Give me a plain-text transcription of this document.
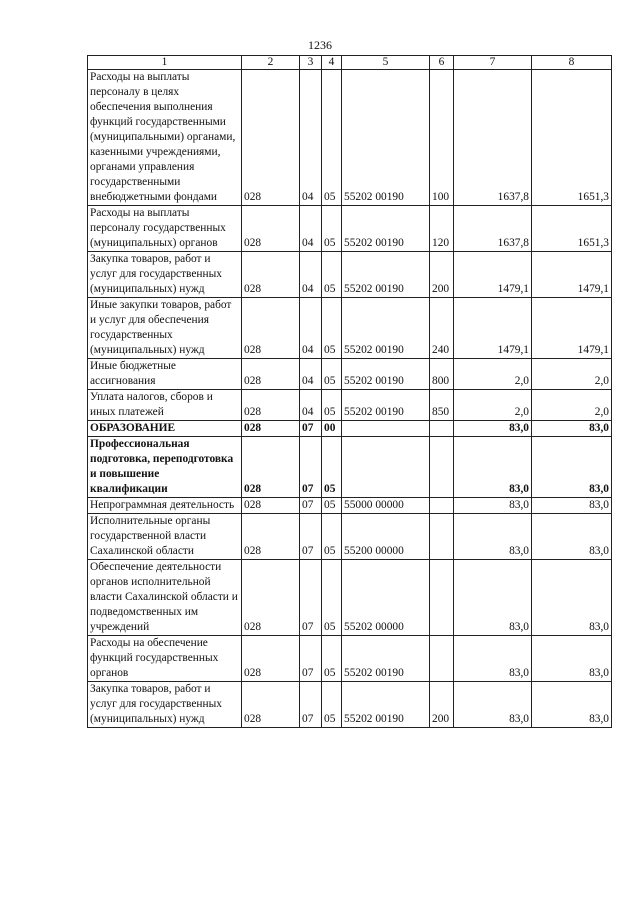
1236
1	2	3	4	5	6	7	8
Расходы на выплаты персоналу в целях обеспечения выполнения функций государственными (муниципальными) органами, казенными учреждениями, органами управления государственными внебюджетными фондами	028	04	05	55202 00190	100	1637,8	1651,3
Расходы на выплаты персоналу государственных (муниципальных) органов	028	04	05	55202 00190	120	1637,8	1651,3
Закупка товаров, работ и услуг для государственных (муниципальных) нужд	028	04	05	55202 00190	200	1479,1	1479,1
Иные закупки товаров, работ и услуг для обеспечения государственных (муниципальных) нужд	028	04	05	55202 00190	240	1479,1	1479,1
Иные бюджетные ассигнования	028	04	05	55202 00190	800	2,0	2,0
Уплата налогов, сборов и иных платежей	028	04	05	55202 00190	850	2,0	2,0
ОБРАЗОВАНИЕ	028	07	00			83,0	83,0
Профессиональная подготовка, переподготовка и повышение квалификации	028	07	05			83,0	83,0
Непрограммная деятельность	028	07	05	55000 00000		83,0	83,0
Исполнительные органы государственной власти Сахалинской области	028	07	05	55200 00000		83,0	83,0
Обеспечение деятельности органов исполнительной власти Сахалинской области и подведомственных им учреждений	028	07	05	55202 00000		83,0	83,0
Расходы на обеспечение функций государственных органов	028	07	05	55202 00190		83,0	83,0
Закупка товаров, работ и услуг для государственных (муниципальных) нужд	028	07	05	55202 00190	200	83,0	83,0
